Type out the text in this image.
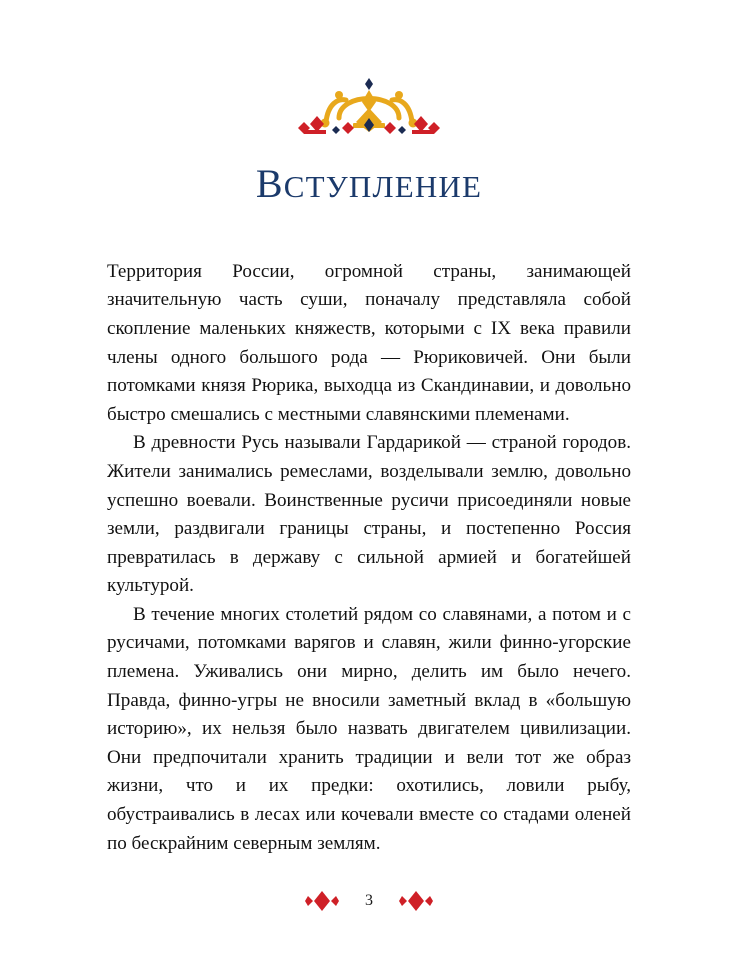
ВСТУПЛЕНИЕ

Территория России, огромной страны, занимающей значительную часть суши, поначалу представляла собой скопление маленьких княжеств, которыми с IX века правили члены одного большого рода — Рюриковичей. Они были потомками князя Рюрика, выходца из Скандинавии, и довольно быстро смешались с местными славянскими племенами.

В древности Русь называли Гардарикой — страной городов. Жители занимались ремеслами, возделывали землю, довольно успешно воевали. Воинственные русичи присоединяли новые земли, раздвигали границы страны, и постепенно Россия превратилась в державу с сильной армией и богатейшей культурой.

В течение многих столетий рядом со славянами, а потом и с русичами, потомками варягов и славян, жили финно-угорские племена. Уживались они мирно, делить им было нечего. Правда, финно-угры не вносили заметный вклад в «большую историю», их нельзя было назвать двигателем цивилизации. Они предпочитали хранить традиции и вели тот же образ жизни, что и их предки: охотились, ловили рыбу, обустраивались в лесах или кочевали вместе со стадами оленей по бескрайним северным землям.

3
